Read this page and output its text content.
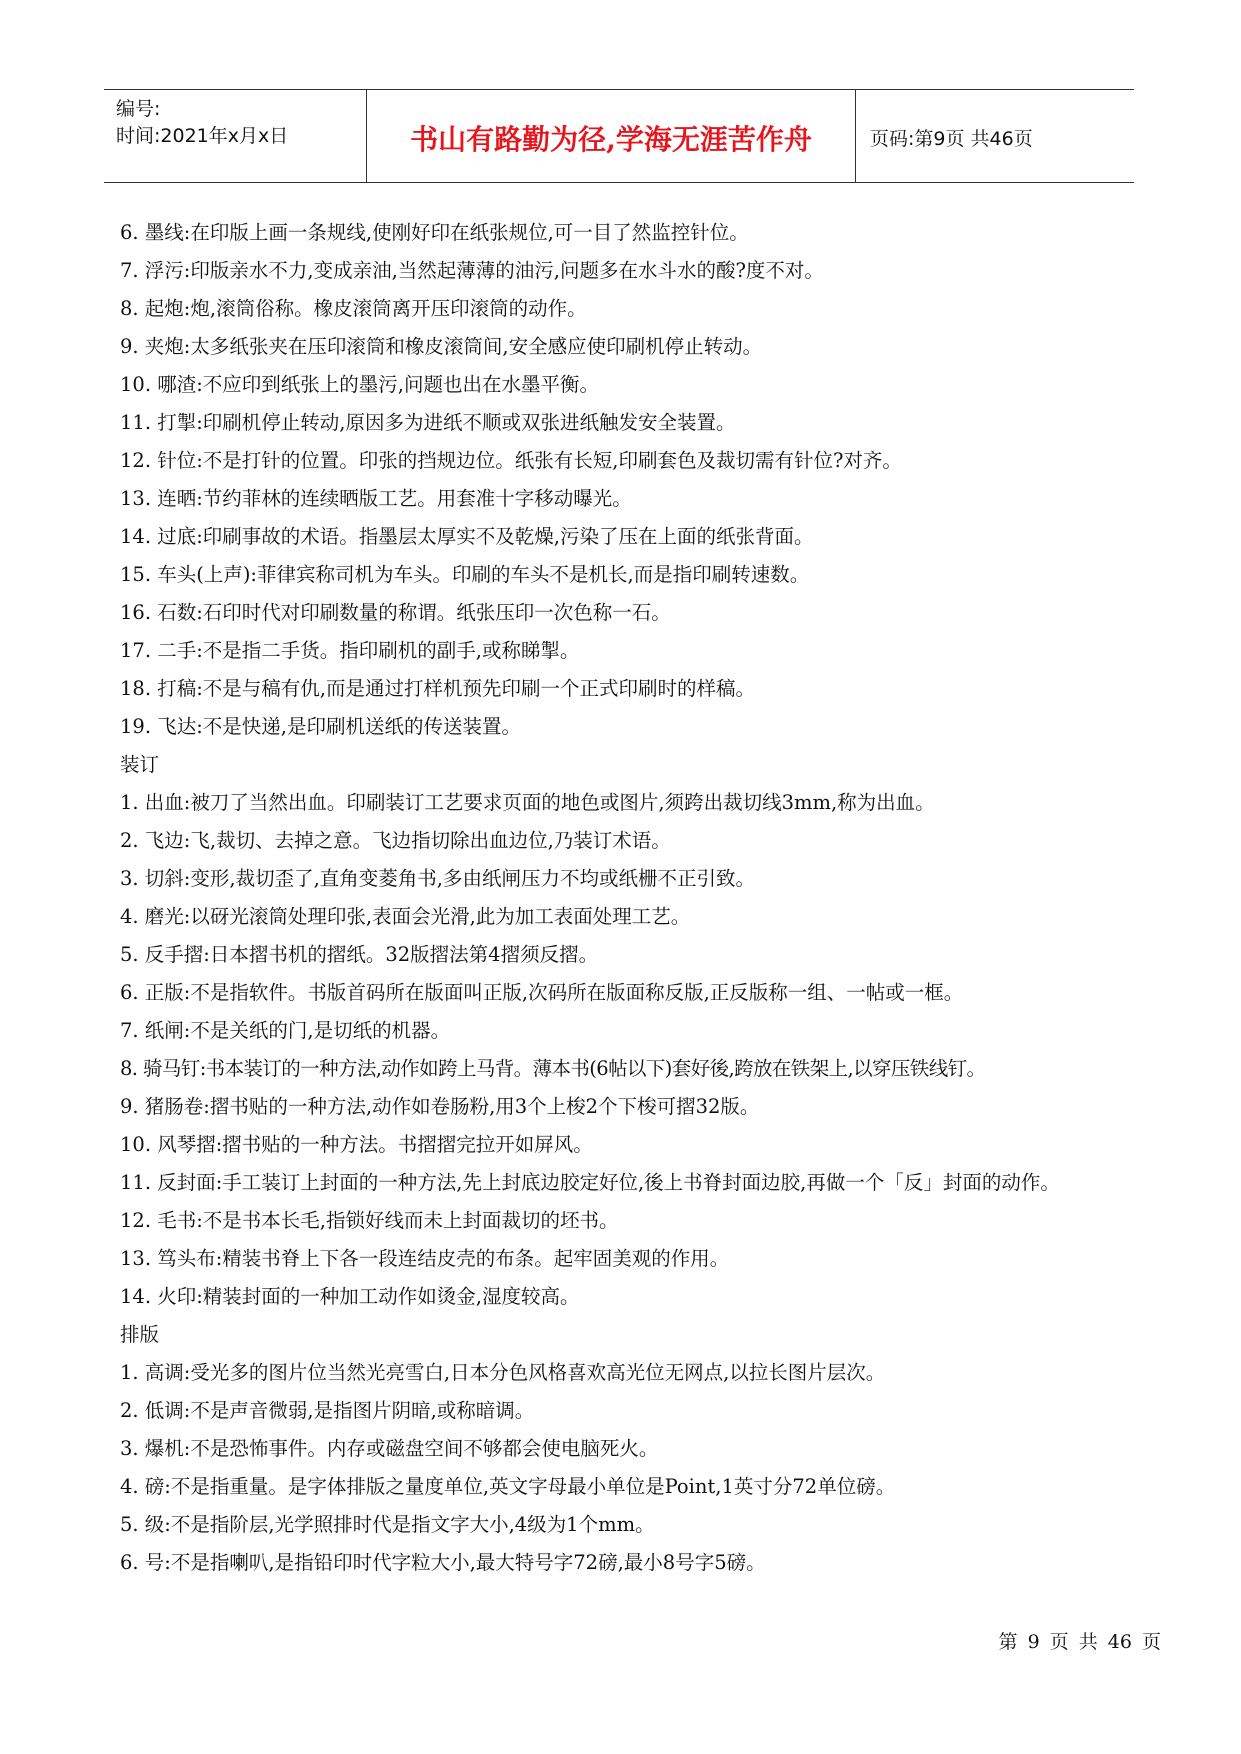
编号:
时间:2021年x月x日	书山有路勤为径,学海无涯苦作舟	页码:第9页 共46页
6. 墨线:在印版上画一条规线,使刚好印在纸张规位,可一目了然监控针位。
7. 浮污:印版亲水不力,变成亲油,当然起薄薄的油污,问题多在水斗水的酸?度不对。
8. 起炮:炮,滚筒俗称。橡皮滚筒离开压印滚筒的动作。
9. 夹炮:太多纸张夹在压印滚筒和橡皮滚筒间,安全感应使印刷机停止转动。
10. 哪渣:不应印到纸张上的墨污,问题也出在水墨平衡。
11. 打掣:印刷机停止转动,原因多为进纸不顺或双张进纸触发安全装置。
12. 针位:不是打针的位置。印张的挡规边位。纸张有长短,印刷套色及裁切需有针位?对齐。
13. 连晒:节约菲林的连续晒版工艺。用套准十字移动曝光。
14. 过底:印刷事故的术语。指墨层太厚实不及乾燥,污染了压在上面的纸张背面。
15. 车头(上声):菲律宾称司机为车头。印刷的车头不是机长,而是指印刷转速数。
16. 石数:石印时代对印刷数量的称谓。纸张压印一次色称一石。
17. 二手:不是指二手货。指印刷机的副手,或称睇掣。
18. 打稿:不是与稿有仇,而是通过打样机预先印刷一个正式印刷时的样稿。
19. 飞达:不是快递,是印刷机送纸的传送装置。
装订
1. 出血:被刀了当然出血。印刷装订工艺要求页面的地色或图片,须跨出裁切线3mm,称为出血。
2. 飞边:飞,裁切、去掉之意。飞边指切除出血边位,乃装订术语。
3. 切斜:变形,裁切歪了,直角变菱角书,多由纸闸压力不均或纸栅不正引致。
4. 磨光:以砑光滚筒处理印张,表面会光滑,此为加工表面处理工艺。
5. 反手摺:日本摺书机的摺纸。32版摺法第4摺须反摺。
6. 正版:不是指软件。书版首码所在版面叫正版,次码所在版面称反版,正反版称一组、一帖或一框。
7. 纸闸:不是关纸的门,是切纸的机器。
8. 骑马钉:书本装订的一种方法,动作如跨上马背。薄本书(6帖以下)套好後,跨放在铁架上,以穿压铁线钉。
9. 猪肠卷:摺书贴的一种方法,动作如卷肠粉,用3个上梭2个下梭可摺32版。
10. 风琴摺:摺书贴的一种方法。书摺摺完拉开如屏风。
11. 反封面:手工装订上封面的一种方法,先上封底边胶定好位,後上书脊封面边胶,再做一个「反」封面的动作。
12. 毛书:不是书本长毛,指锁好线而未上封面裁切的坯书。
13. 笃头布:精装书脊上下各一段连结皮壳的布条。起牢固美观的作用。
14. 火印:精装封面的一种加工动作如烫金,湿度较高。
排版
1. 高调:受光多的图片位当然光亮雪白,日本分色风格喜欢高光位无网点,以拉长图片层次。
2. 低调:不是声音微弱,是指图片阴暗,或称暗调。
3. 爆机:不是恐怖事件。内存或磁盘空间不够都会使电脑死火。
4. 磅:不是指重量。是字体排版之量度单位,英文字母最小单位是Point,1英寸分72单位磅。
5. 级:不是指阶层,光学照排时代是指文字大小,4级为1个mm。
6. 号:不是指喇叭,是指铅印时代字粒大小,最大特号字72磅,最小8号字5磅。
第 9 页 共 46 页
